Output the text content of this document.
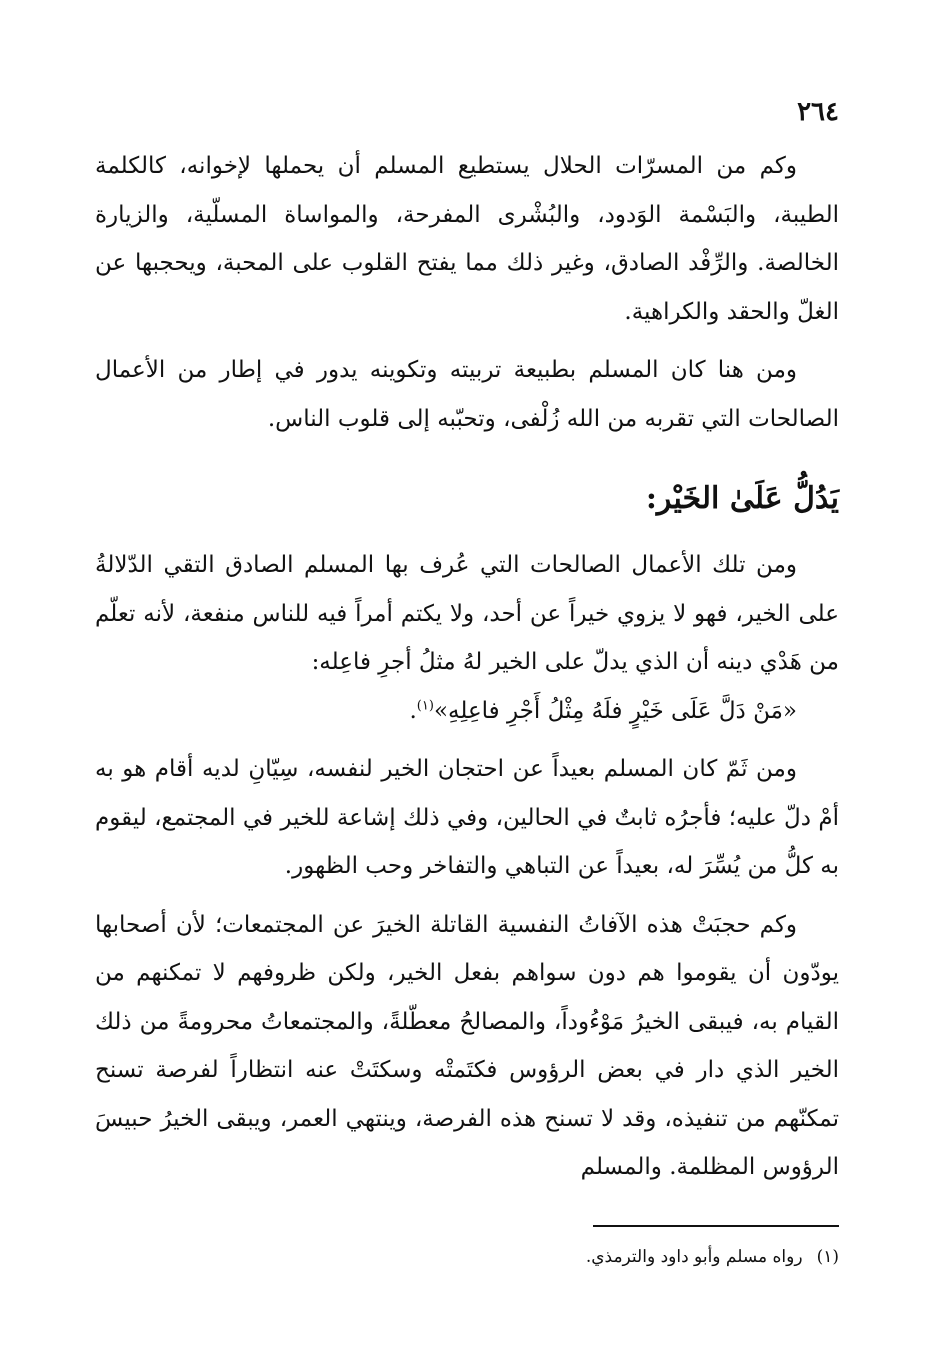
٢٦٤

وكم من المسرّات الحلال يستطيع المسلم أن يحملها لإخوانه، كالكلمة الطيبة، والبَسْمة الوَدود، والبُشْرى المفرحة، والمواساة المسلّية، والزيارة الخالصة. والرِّفْد الصادق، وغير ذلك مما يفتح القلوب على المحبة، ويحجبها عن الغلّ والحقد والكراهية.

ومن هنا كان المسلم بطبيعة تربيته وتكوينه يدور في إطار من الأعمال الصالحات التي تقربه من الله زُلْفى، وتحبّبه إلى قلوب الناس.

يَدُلُّ عَلَىٰ الخَيْر:

ومن تلك الأعمال الصالحات التي عُرف بها المسلم الصادق التقي الدّلالةُ على الخير، فهو لا يزوي خيراً عن أحد، ولا يكتم أمراً فيه للناس منفعة، لأنه تعلّم من هَدْي دينه أن الذي يدلّ على الخير لهُ مثلُ أجرِ فاعِله:

«مَنْ دَلَّ عَلَى خَيْرٍ فلَهُ مِثْلُ أَجْرِ فاعِلِهِ»$^{(١)}$.

ومن ثَمّ كان المسلم بعيداً عن احتجان الخير لنفسه، سِيّانِ لديه أقام هو به أمْ دلّ عليه؛ فأجرُه ثابتٌ في الحالين، وفي ذلك إشاعة للخير في المجتمع، ليقوم به كلُّ من يُسِّرَ له، بعيداً عن التباهي والتفاخر وحب الظهور.

وكم حجبَتْ هذه الآفاتُ النفسية القاتلة الخيرَ عن المجتمعات؛ لأن أصحابها يودّون أن يقوموا هم دون سواهم بفعل الخير، ولكن ظروفهم لا تمكنهم من القيام به، فيبقى الخيرُ مَوْءُوداً، والمصالحُ معطّلةً، والمجتمعاتُ محرومةً من ذلك الخير الذي دار في بعض الرؤوس فكتَمتْه وسكتَتْ عنه انتظاراً لفرصة تسنح تمكنّهم من تنفيذه، وقد لا تسنح هذه الفرصة، وينتهي العمر، ويبقى الخيرُ حبيسَ الرؤوس المظلمة. والمسلم

(١)رواه مسلم وأبو داود والترمذي.
